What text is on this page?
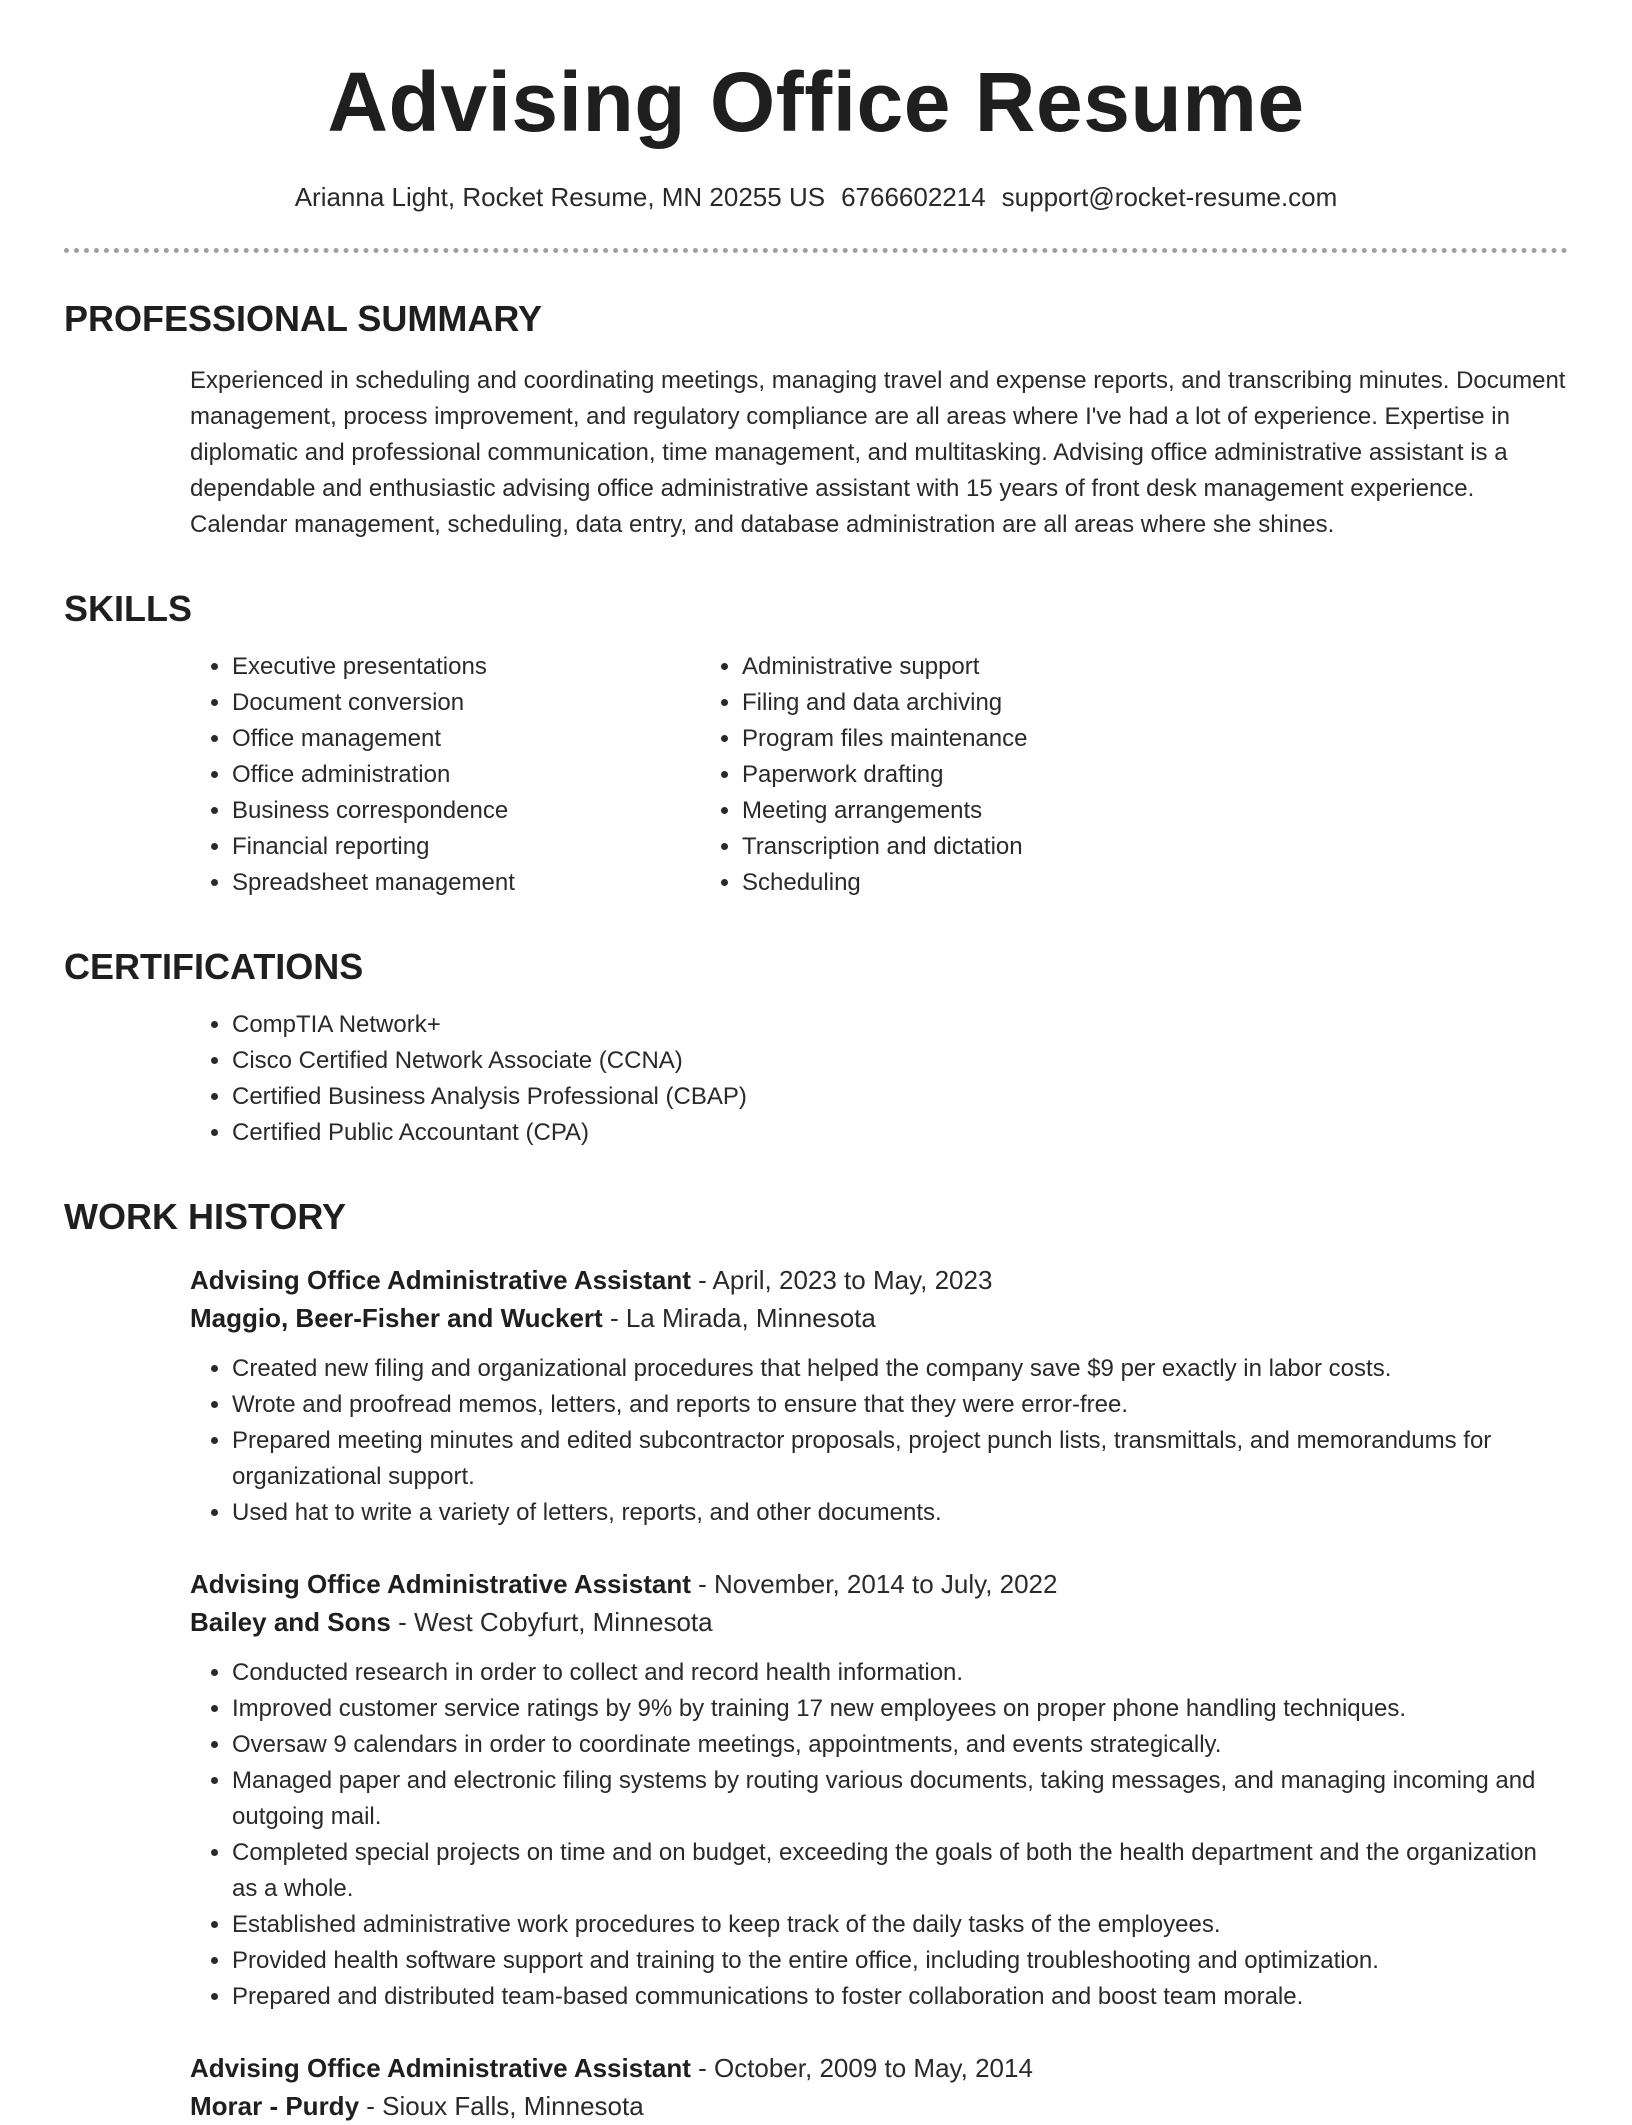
Advising Office Resume
Arianna Light, Rocket Resume, MN 20255 US 6766602214 support@rocket-resume.com
PROFESSIONAL SUMMARY

Experienced in scheduling and coordinating meetings, managing travel and expense reports, and transcribing minutes. Document management, process improvement, and regulatory compliance are all areas where I've had a lot of experience. Expertise in diplomatic and professional communication, time management, and multitasking. Advising office administrative assistant is a dependable and enthusiastic advising office administrative assistant with 15 years of front desk management experience. Calendar management, scheduling, data entry, and database administration are all areas where she shines.

SKILLS
• Executive presentations
• Document conversion
• Office management
• Office administration
• Business correspondence
• Financial reporting
• Spreadsheet management
• Administrative support
• Filing and data archiving
• Program files maintenance
• Paperwork drafting
• Meeting arrangements
• Transcription and dictation
• Scheduling
CERTIFICATIONS
• CompTIA Network+
• Cisco Certified Network Associate (CCNA)
• Certified Business Analysis Professional (CBAP)
• Certified Public Accountant (CPA)
WORK HISTORY
Advising Office Administrative Assistant - April, 2023 to May, 2023
Maggio, Beer-Fisher and Wuckert - La Mirada, Minnesota
• Created new filing and organizational procedures that helped the company save $9 per exactly in labor costs.
• Wrote and proofread memos, letters, and reports to ensure that they were error-free.
• Prepared meeting minutes and edited subcontractor proposals, project punch lists, transmittals, and memorandums for organizational support.
• Used hat to write a variety of letters, reports, and other documents.
Advising Office Administrative Assistant - November, 2014 to July, 2022
Bailey and Sons - West Cobyfurt, Minnesota
• Conducted research in order to collect and record health information.
• Improved customer service ratings by 9% by training 17 new employees on proper phone handling techniques.
• Oversaw 9 calendars in order to coordinate meetings, appointments, and events strategically.
• Managed paper and electronic filing systems by routing various documents, taking messages, and managing incoming and outgoing mail.
• Completed special projects on time and on budget, exceeding the goals of both the health department and the organization as a whole.
• Established administrative work procedures to keep track of the daily tasks of the employees.
• Provided health software support and training to the entire office, including troubleshooting and optimization.
• Prepared and distributed team-based communications to foster collaboration and boost team morale.
Advising Office Administrative Assistant - October, 2009 to May, 2014
Morar - Purdy - Sioux Falls, Minnesota
